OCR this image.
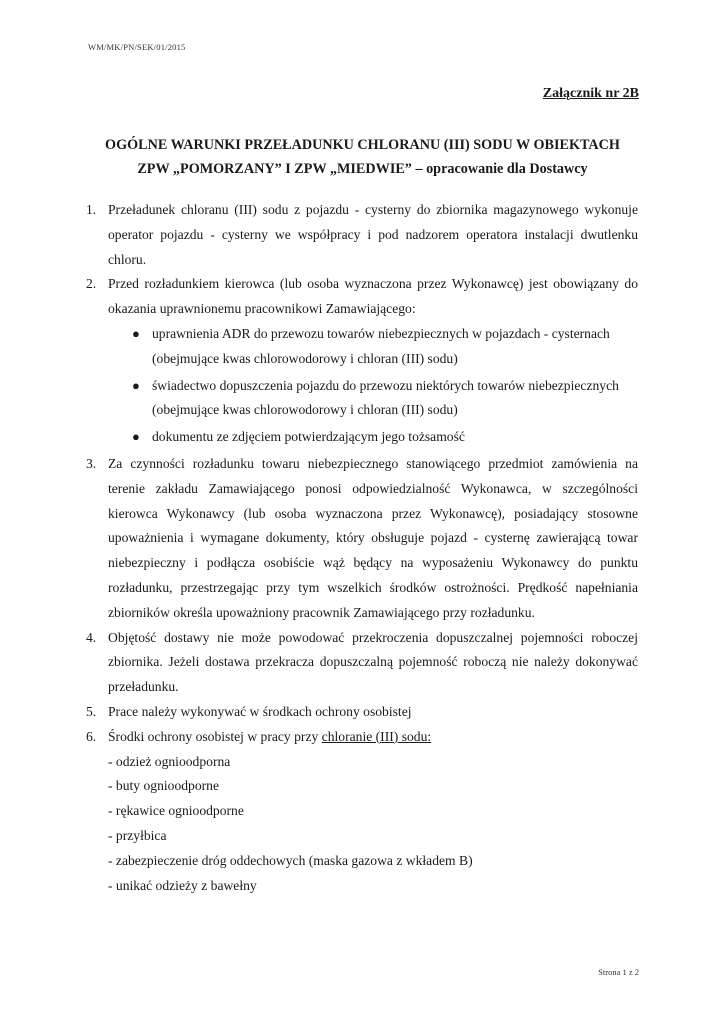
WM/MK/PN/SEK/01/2015
Załącznik nr 2B
OGÓLNE WARUNKI PRZEŁADUNKU CHLORANU (III) SODU W OBIEKTACH
ZPW „POMORZANY” I ZPW „MIEDWIE” – opracowanie dla Dostawcy
1. Przeładunek chloranu (III) sodu z pojazdu - cysterny do zbiornika magazynowego wykonuje operator pojazdu - cysterny we współpracy i pod nadzorem operatora instalacji dwutlenku chloru.
2. Przed rozładunkiem kierowca (lub osoba wyznaczona przez Wykonawcę) jest obowiązany do okazania uprawnionemu pracownikowi Zamawiającego:
● uprawnienia ADR do przewozu towarów niebezpiecznych w pojazdach - cysternach (obejmujące kwas chlorowodorowy i chloran (III) sodu)
● świadectwo dopuszczenia pojazdu do przewozu niektórych towarów niebezpiecznych (obejmujące kwas chlorowodorowy i chloran (III) sodu)
● dokumentu ze zdjęciem potwierdzającym jego tożsamość
3. Za czynności rozładunku towaru niebezpiecznego stanowiącego przedmiot zamówienia na terenie zakładu Zamawiającego ponosi odpowiedzialność Wykonawca, w szczególności kierowca Wykonawcy (lub osoba wyznaczona przez Wykonawcę), posiadający stosowne upoważnienia i wymagane dokumenty, który obsługuje pojazd - cysternę zawierającą towar niebezpieczny i podłącza osobiście wąż będący na wyposażeniu Wykonawcy do punktu rozładunku, przestrzegając przy tym wszelkich środków ostrożności. Prędkość napełniania zbiorników określa upoważniony pracownik Zamawiającego przy rozładunku.
4. Objętość dostawy nie może powodować przekroczenia dopuszczalnej pojemności roboczej zbiornika. Jeżeli dostawa przekracza dopuszczalną pojemność roboczą nie należy dokonywać przeładunku.
5. Prace należy wykonywać w środkach ochrony osobistej
6. Środki ochrony osobistej w pracy przy chloranie (III) sodu:
- odzież ognioodporna
- buty ognioodporne
- rękawice ognioodporne
- przyłbica
- zabezpieczenie dróg oddechowych (maska gazowa z wkładem B)
- unikać odzieży z bawełny
Strona 1 z 2
